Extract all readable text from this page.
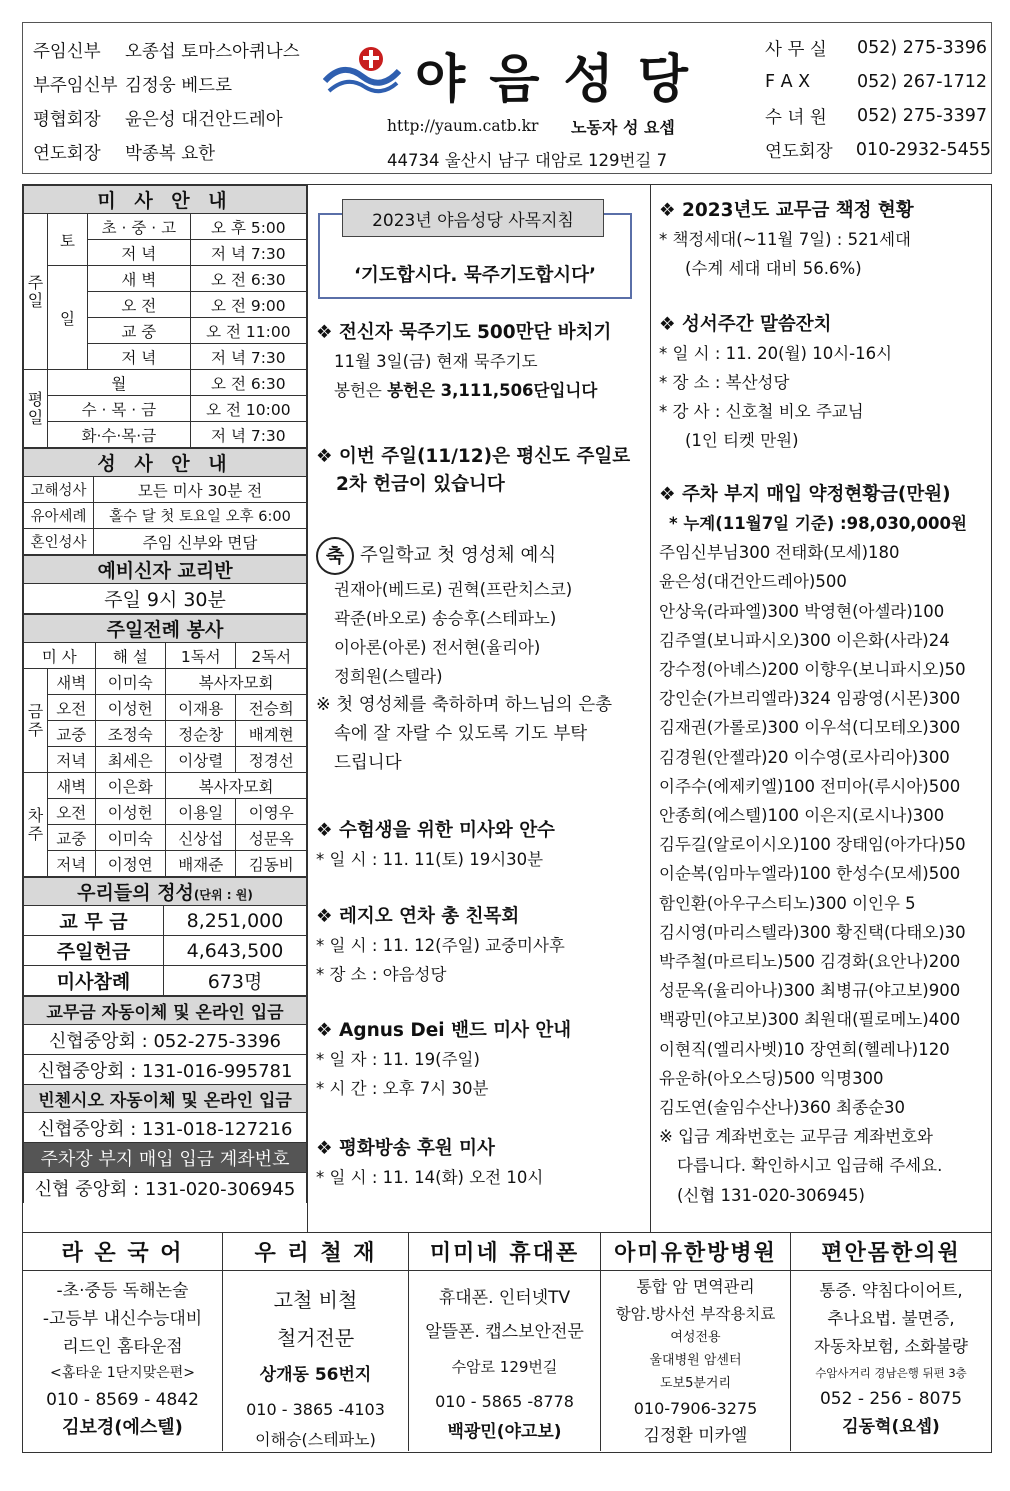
주임신부	오종섭 토마스아퀴나스
부주임신부 김정웅 베드로
평협회장	윤은성 대건안드레아
연도회장	박종복 요한
야음성당
http://yaum.catb.kr 노동자 성 요셉
44734 울산시 남구 대암로 129번길 7
사 무 실	052) 275-3396
F A X	052) 267-1712
수 녀 원	052) 275-3397
연도회장	010-2932-5455
미 사 안 내			
주일	토	초 · 중 · 고	오 후 5:00
		저 녁	저 녁 7:30
	일	새 벽	오 전 6:30
		오 전	오 전 9:00
		교 중	오 전 11:00
		저 녁	저 녁 7:30
평일	월		오 전 6:30
	수 · 목 · 금		오 전 10:00
	화·수·목·금		저 녁 7:30
성 사 안 내	
고해성사	모든 미사 30분 전
유아세례	홀수 달 첫 토요일 오후 6:00
혼인성사	주임 신부와 면담
예비신자 교리반
주일 9시 30분
주일전례 봉사				
미 사		해 설	1독서	2독서
금주	새벽	이미숙	복사자모회	
	오전	이성헌	이재용	전승희
	교중	조정숙	정순창	배계현
	저녁	최세은	이상렬	정경선
차주	새벽	이은화	복사자모회	
	오전	이성헌	이용일	이영우
	교중	이미숙	신상섭	성문옥
	저녁	이정연	배재준	김동비
우리들의 정성(단위 : 원)	
교 무 금	8,251,000
주일헌금	4,643,500
미사참례	673명
교무금 자동이체 및 온라인 입금
신협중앙회 : 052-275-3396
신협중앙회 : 131-016-995781
빈첸시오 자동이체 및 온라인 입금
신협중앙회 : 131-018-127216
주차장 부지 매입 입금 계좌번호
신협 중앙회 : 131-020-306945
2023년 야음성당 사목지침
‘기도합시다. 묵주기도합시다’
❖ 전신자 묵주기도 500만단 바치기

11월 3일(금) 현재 묵주기도

봉헌은 봉헌은 3,111,506단입니다

❖ 이번 주일(11/12)은 평신도 주일로
2차 헌금이 있습니다
축 주일학교 첫 영성체 예식

권재아(베드로) 권혁(프란치스코)

곽준(바오로) 송승후(스테파노)

이아론(아론) 전서현(율리아)

정희원(스텔라)

※ 첫 영성체를 축하하며 하느님의 은총

속에 잘 자랄 수 있도록 기도 부탁

드립니다

❖ 수험생을 위한 미사와 안수

* 일 시 : 11. 11(토) 19시30분

❖ 레지오 연차 총 친목회

* 일 시 : 11. 12(주일) 교중미사후

* 장 소 : 야음성당

❖ Agnus Dei 밴드 미사 안내

* 일 자 : 11. 19(주일)

* 시 간 : 오후 7시 30분

❖ 평화방송 후원 미사

* 일 시 : 11. 14(화) 오전 10시

❖ 2023년도 교무금 책정 현황

* 책정세대(~11월 7일) : 521세대

(수계 세대 대비 56.6%)

❖ 성서주간 말씀잔치

* 일 시 : 11. 20(월) 10시-16시

* 장 소 : 복산성당

* 강 사 : 신호철 비오 주교님

(1인 티켓 만원)

❖ 주차 부지 매입 약정현황금(만원)

* 누계(11월7일 기준) :98,030,000원

주임신부님300 전태화(모세)180

윤은성(대건안드레아)500

안상욱(라파엘)300 박영현(아셀라)100

김주열(보니파시오)300 이은화(사라)24

강수정(아녜스)200 이향우(보니파시오)50

강인순(가브리엘라)324 임광영(시몬)300

김재권(가롤로)300 이우석(디모테오)300

김경원(안젤라)20 이수영(로사리아)300

이주수(에제키엘)100 전미아(루시아)500

안종희(에스텔)100 이은지(로시나)300

김두길(알로이시오)100 장태임(아가다)50

이순복(임마누엘라)100 한성수(모세)500

함인환(아우구스티노)300 이인우 5

김시영(마리스텔라)300 황진택(다태오)30

박주철(마르티노)500 김경화(요안나)200

성문옥(율리아나)300 최병규(야고보)900

백광민(야고보)300 최원대(필로메노)400

이현직(엘리사벳)10 장연희(헬레나)120

유운하(아오스딩)500 익명300

김도연(술임수산나)360 최종순30

※ 입금 계좌번호는 교무금 계좌번호와

다릅니다. 확인하시고 입금해 주세요.

(신협 131-020-306945)

라 온 국 어

-초·중등 독해논술

-고등부 내신수능대비

리드인 홈타운점

<홈타운 1단지맞은편>

010 - 8569 - 4842

김보경(에스텔)

우 리 철 재

고철 비철

철거전문

상개동 56번지

010 - 3865 -4103

이해승(스테파노)

미미네 휴대폰

휴대폰. 인터넷TV

알뜰폰. 캡스보안전문

수암로 129번길

010 - 5865 -8778

백광민(야고보)

아미유한방병원

통합 암 면역관리

항암.방사선 부작용치료

여성전용

울대병원 암센터

도보5분거리

010-7906-3275

김정환 미카엘

편안몸한의원

통증. 약침다이어트,

추나요법. 불면증,

자동차보험, 소화불량

수암사거리 경남은행 뒤편 3층

052 - 256 - 8075

김동혁(요셉)
